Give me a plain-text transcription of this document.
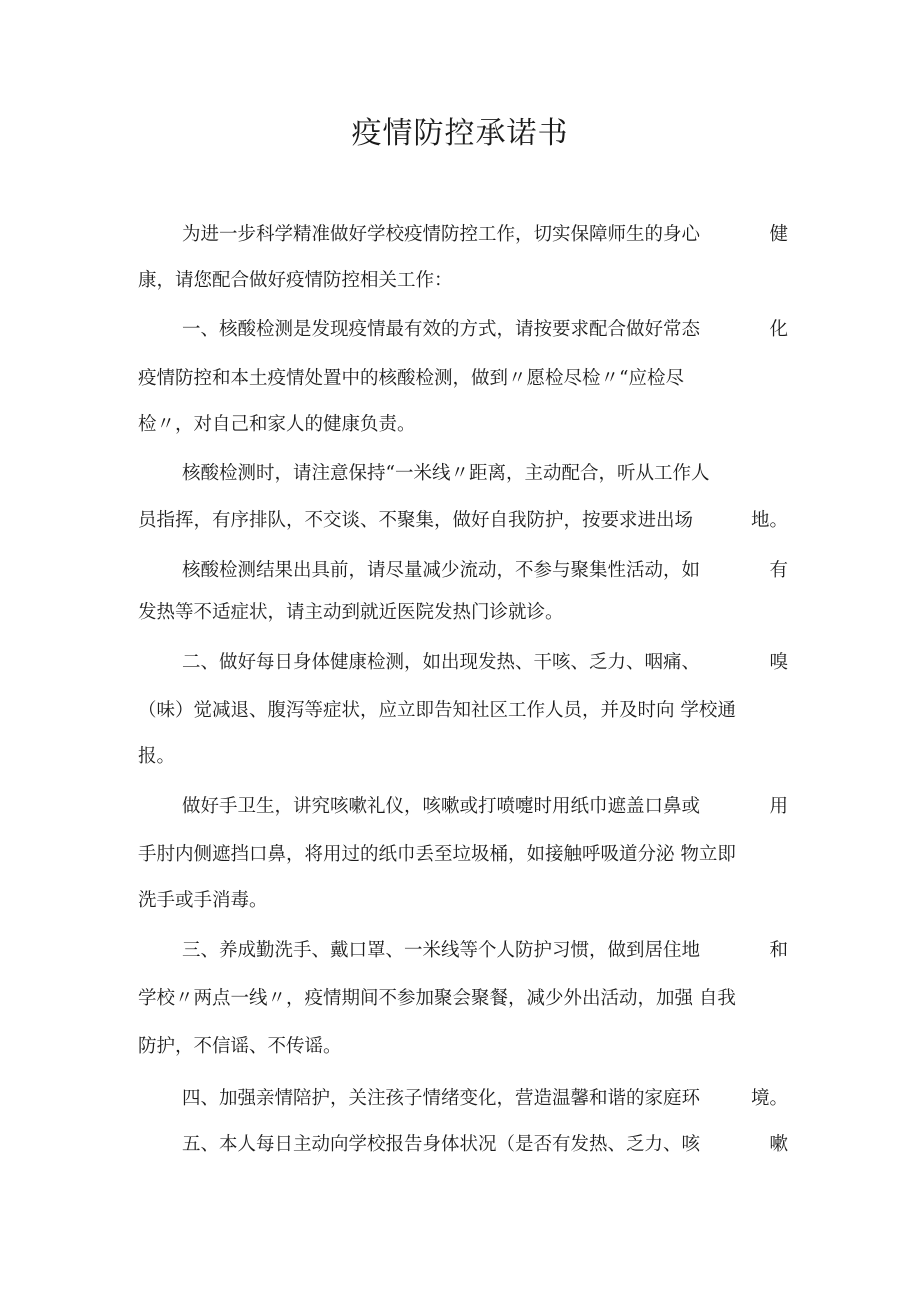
疫情防控承诺书
为进一步科学精准做好学校疫情防控工作，切实保障师生的身心	健
康，请您配合做好疫情防控相关工作：
一、核酸检测是发现疫情最有效的方式，请按要求配合做好常态	化
疫情防控和本土疫情处置中的核酸检测，做到〃愿检尽检〃“应检尽
检〃，对自己和家人的健康负责。
核酸检测时，请注意保持“一米线〃距离，主动配合，听从工作人
员指挥，有序排队，不交谈、不聚集，做好自我防护，按要求进出场	地。
核酸检测结果出具前，请尽量减少流动，不参与聚集性活动，如	有
发热等不适症状，请主动到就近医院发热门诊就诊。
二、做好每日身体健康检测，如出现发热、干咳、乏力、咽痛、	嗅
（味）觉减退、腹泻等症状，应立即告知社区工作人员，并及时向 学校通
报。
做好手卫生，讲究咳嗽礼仪，咳嗽或打喷嚏时用纸巾遮盖口鼻或	用
手肘内侧遮挡口鼻，将用过的纸巾丢至垃圾桶，如接触呼吸道分泌 物立即
洗手或手消毒。
三、养成勤洗手、戴口罩、一米线等个人防护习惯，做到居住地	和
学校〃两点一线〃，疫情期间不参加聚会聚餐，减少外出活动，加强 自我
防护，不信谣、不传谣。
四、加强亲情陪护，关注孩子情绪变化，营造温馨和谐的家庭环	境。
五、本人每日主动向学校报告身体状况（是否有发热、乏力、咳	嗽
